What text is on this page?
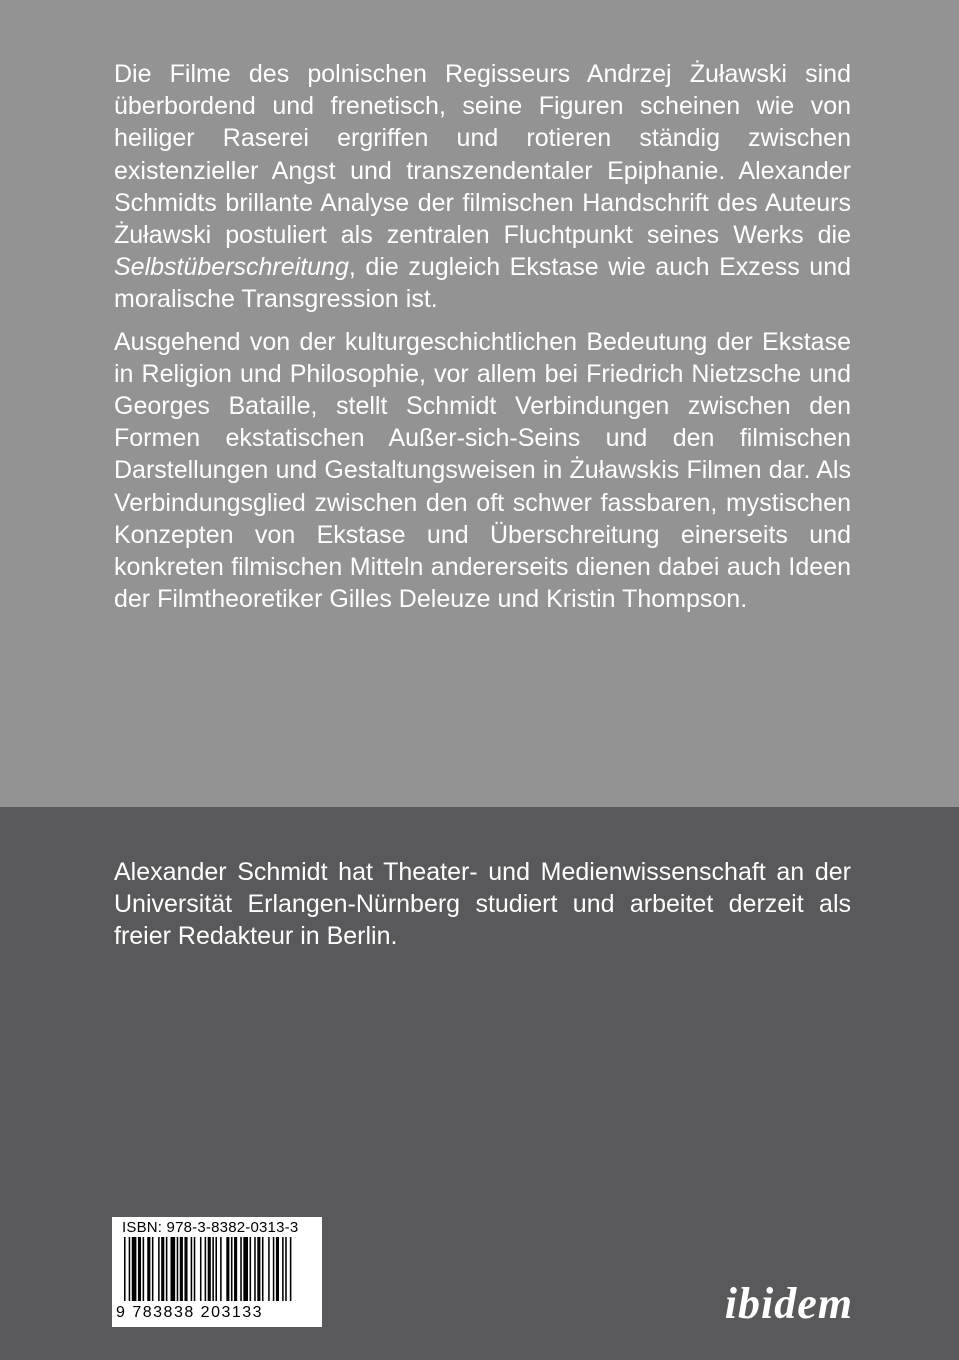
Die Filme des polnischen Regisseurs Andrzej Żuławski sind überbordend und frenetisch, seine Figuren scheinen wie von heiliger Raserei ergriffen und rotieren ständig zwischen existenzieller Angst und transzendentaler Epiphanie. Alexander Schmidts brillante Analyse der filmischen Handschrift des Auteurs Żuławski postuliert als zentralen Fluchtpunkt seines Werks die Selbstüberschreitung, die zugleich Ekstase wie auch Exzess und moralische Transgression ist.

Ausgehend von der kulturgeschichtlichen Bedeutung der Ekstase in Religion und Philosophie, vor allem bei Friedrich Nietzsche und Georges Bataille, stellt Schmidt Verbindungen zwischen den Formen ekstatischen Außer-sich-Seins und den filmischen Darstellungen und Gestaltungsweisen in Żuławskis Filmen dar. Als Verbindungsglied zwischen den oft schwer fassbaren, mystischen Konzepten von Ekstase und Überschreitung einerseits und konkreten filmischen Mitteln andererseits dienen dabei auch Ideen der Filmtheoretiker Gilles Deleuze und Kristin Thompson.

Alexander Schmidt hat Theater- und Medienwissenschaft an der Universität Erlangen-Nürnberg studiert und arbeitet derzeit als freier Redakteur in Berlin.

ISBN: 978-3-8382-0313-3
9 783838 203133	ibidem
